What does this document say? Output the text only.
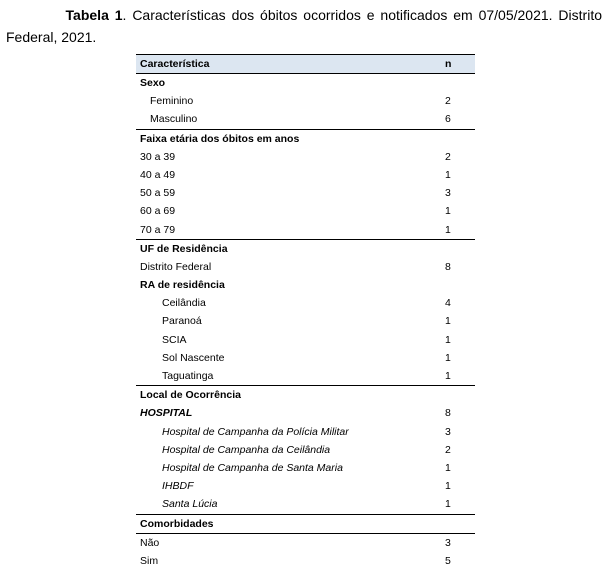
Tabela 1. Características dos óbitos ocorridos e notificados em 07/05/2021. Distrito
Federal, 2021.

Característica	n
Sexo
Feminino	2
Masculino	6
Faixa etária dos óbitos em anos
30 a 39	2
40 a 49	1
50 a 59	3
60 a 69	1
70 a 79	1
UF de Residência
Distrito Federal	8
RA de residência
Ceilândia	4
Paranoá	1
SCIA	1
Sol Nascente	1
Taguatinga	1
Local de Ocorrência
HOSPITAL	8
Hospital de Campanha da Polícia Militar	3
Hospital de Campanha da Ceilândia	2
Hospital de Campanha de Santa Maria	1
IHBDF	1
Santa Lúcia	1
Comorbidades
Não	3
Sim	5
